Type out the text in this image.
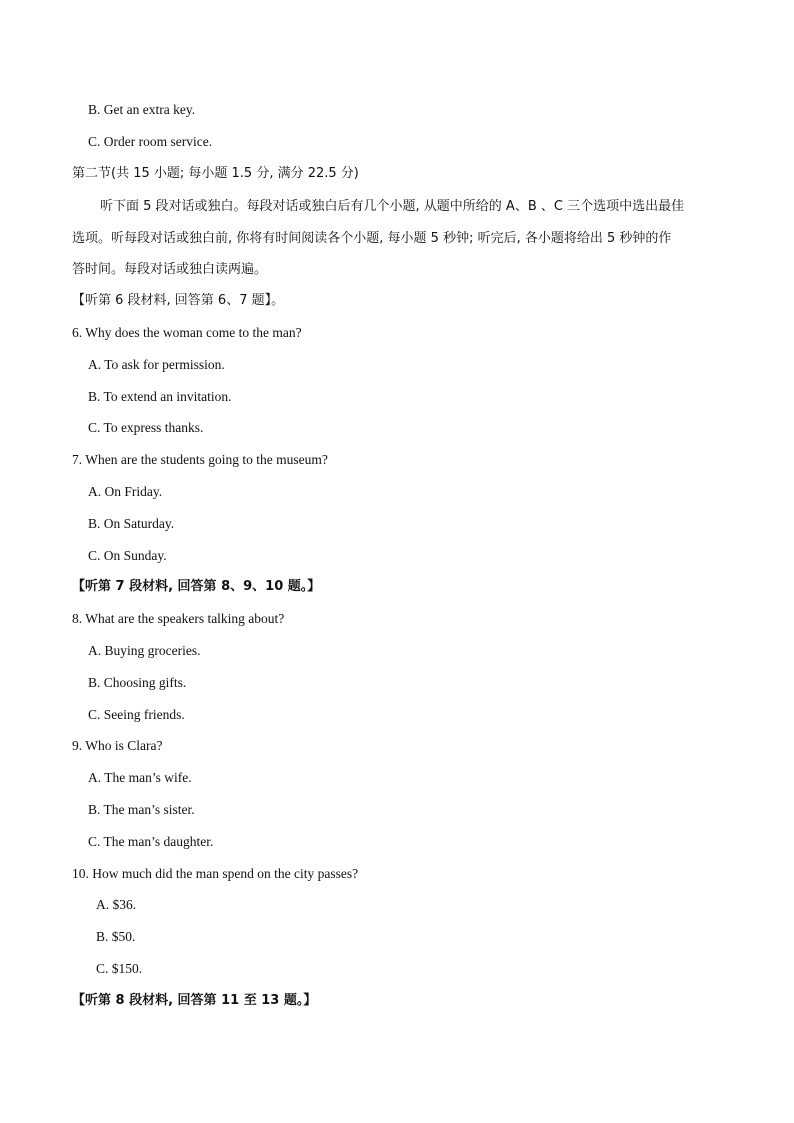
B. Get an extra key.
C. Order room service.
第二节(共 15 小题; 每小题 1.5 分, 满分 22.5 分)
听下面 5 段对话或独白。每段对话或独白后有几个小题, 从题中所给的 A、B 、C 三个选项中选出最佳
选项。听每段对话或独白前, 你将有时间阅读各个小题, 每小题 5 秒钟; 听完后, 各小题将给出 5 秒钟的作
答时间。每段对话或独白读两遍。
【听第 6 段材料, 回答第 6、7 题】。
6. Why does the woman come to the man?
A. To ask for permission.
B. To extend an invitation.
C. To express thanks.
7. When are the students going to the museum?
A. On Friday.
B. On Saturday.
C. On Sunday.
【听第 7 段材料, 回答第 8、9、10 题。】
8. What are the speakers talking about?
A. Buying groceries.
B. Choosing gifts.
C. Seeing friends.
9. Who is Clara?
A. The man’s wife.
B. The man’s sister.
C. The man’s daughter.
10. How much did the man spend on the city passes?
A. $36.
B. $50.
C. $150.
【听第 8 段材料, 回答第 11 至 13 题。】
